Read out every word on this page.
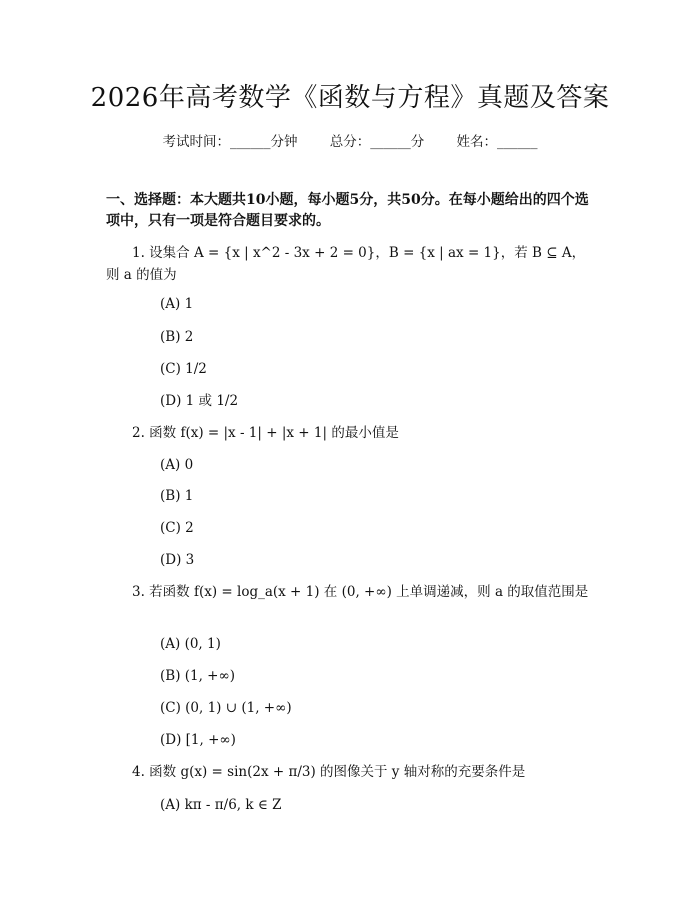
2026年高考数学《函数与方程》真题及答案
考试时间：______分钟 总分：______分 姓名：______
一、选择题：本大题共10小题，每小题5分，共50分。在每小题给出的四个选项中，只有一项是符合题目要求的。
1. 设集合 A = {x | x^2 - 3x + 2 = 0}，B = {x | ax = 1}，若 B ⊆ A，则 a 的值为
(A) 1
(B) 2
(C) 1/2
(D) 1 或 1/2
2. 函数 f(x) = |x - 1| + |x + 1| 的最小值是
(A) 0
(B) 1
(C) 2
(D) 3
3. 若函数 f(x) = log_a(x + 1) 在 (0, +∞) 上单调递减，则 a 的取值范围是
(A) (0, 1)
(B) (1, +∞)
(C) (0, 1) ∪ (1, +∞)
(D) [1, +∞)
4. 函数 g(x) = sin(2x + π/3) 的图像关于 y 轴对称的充要条件是
(A) kπ - π/6, k ∈ Z
